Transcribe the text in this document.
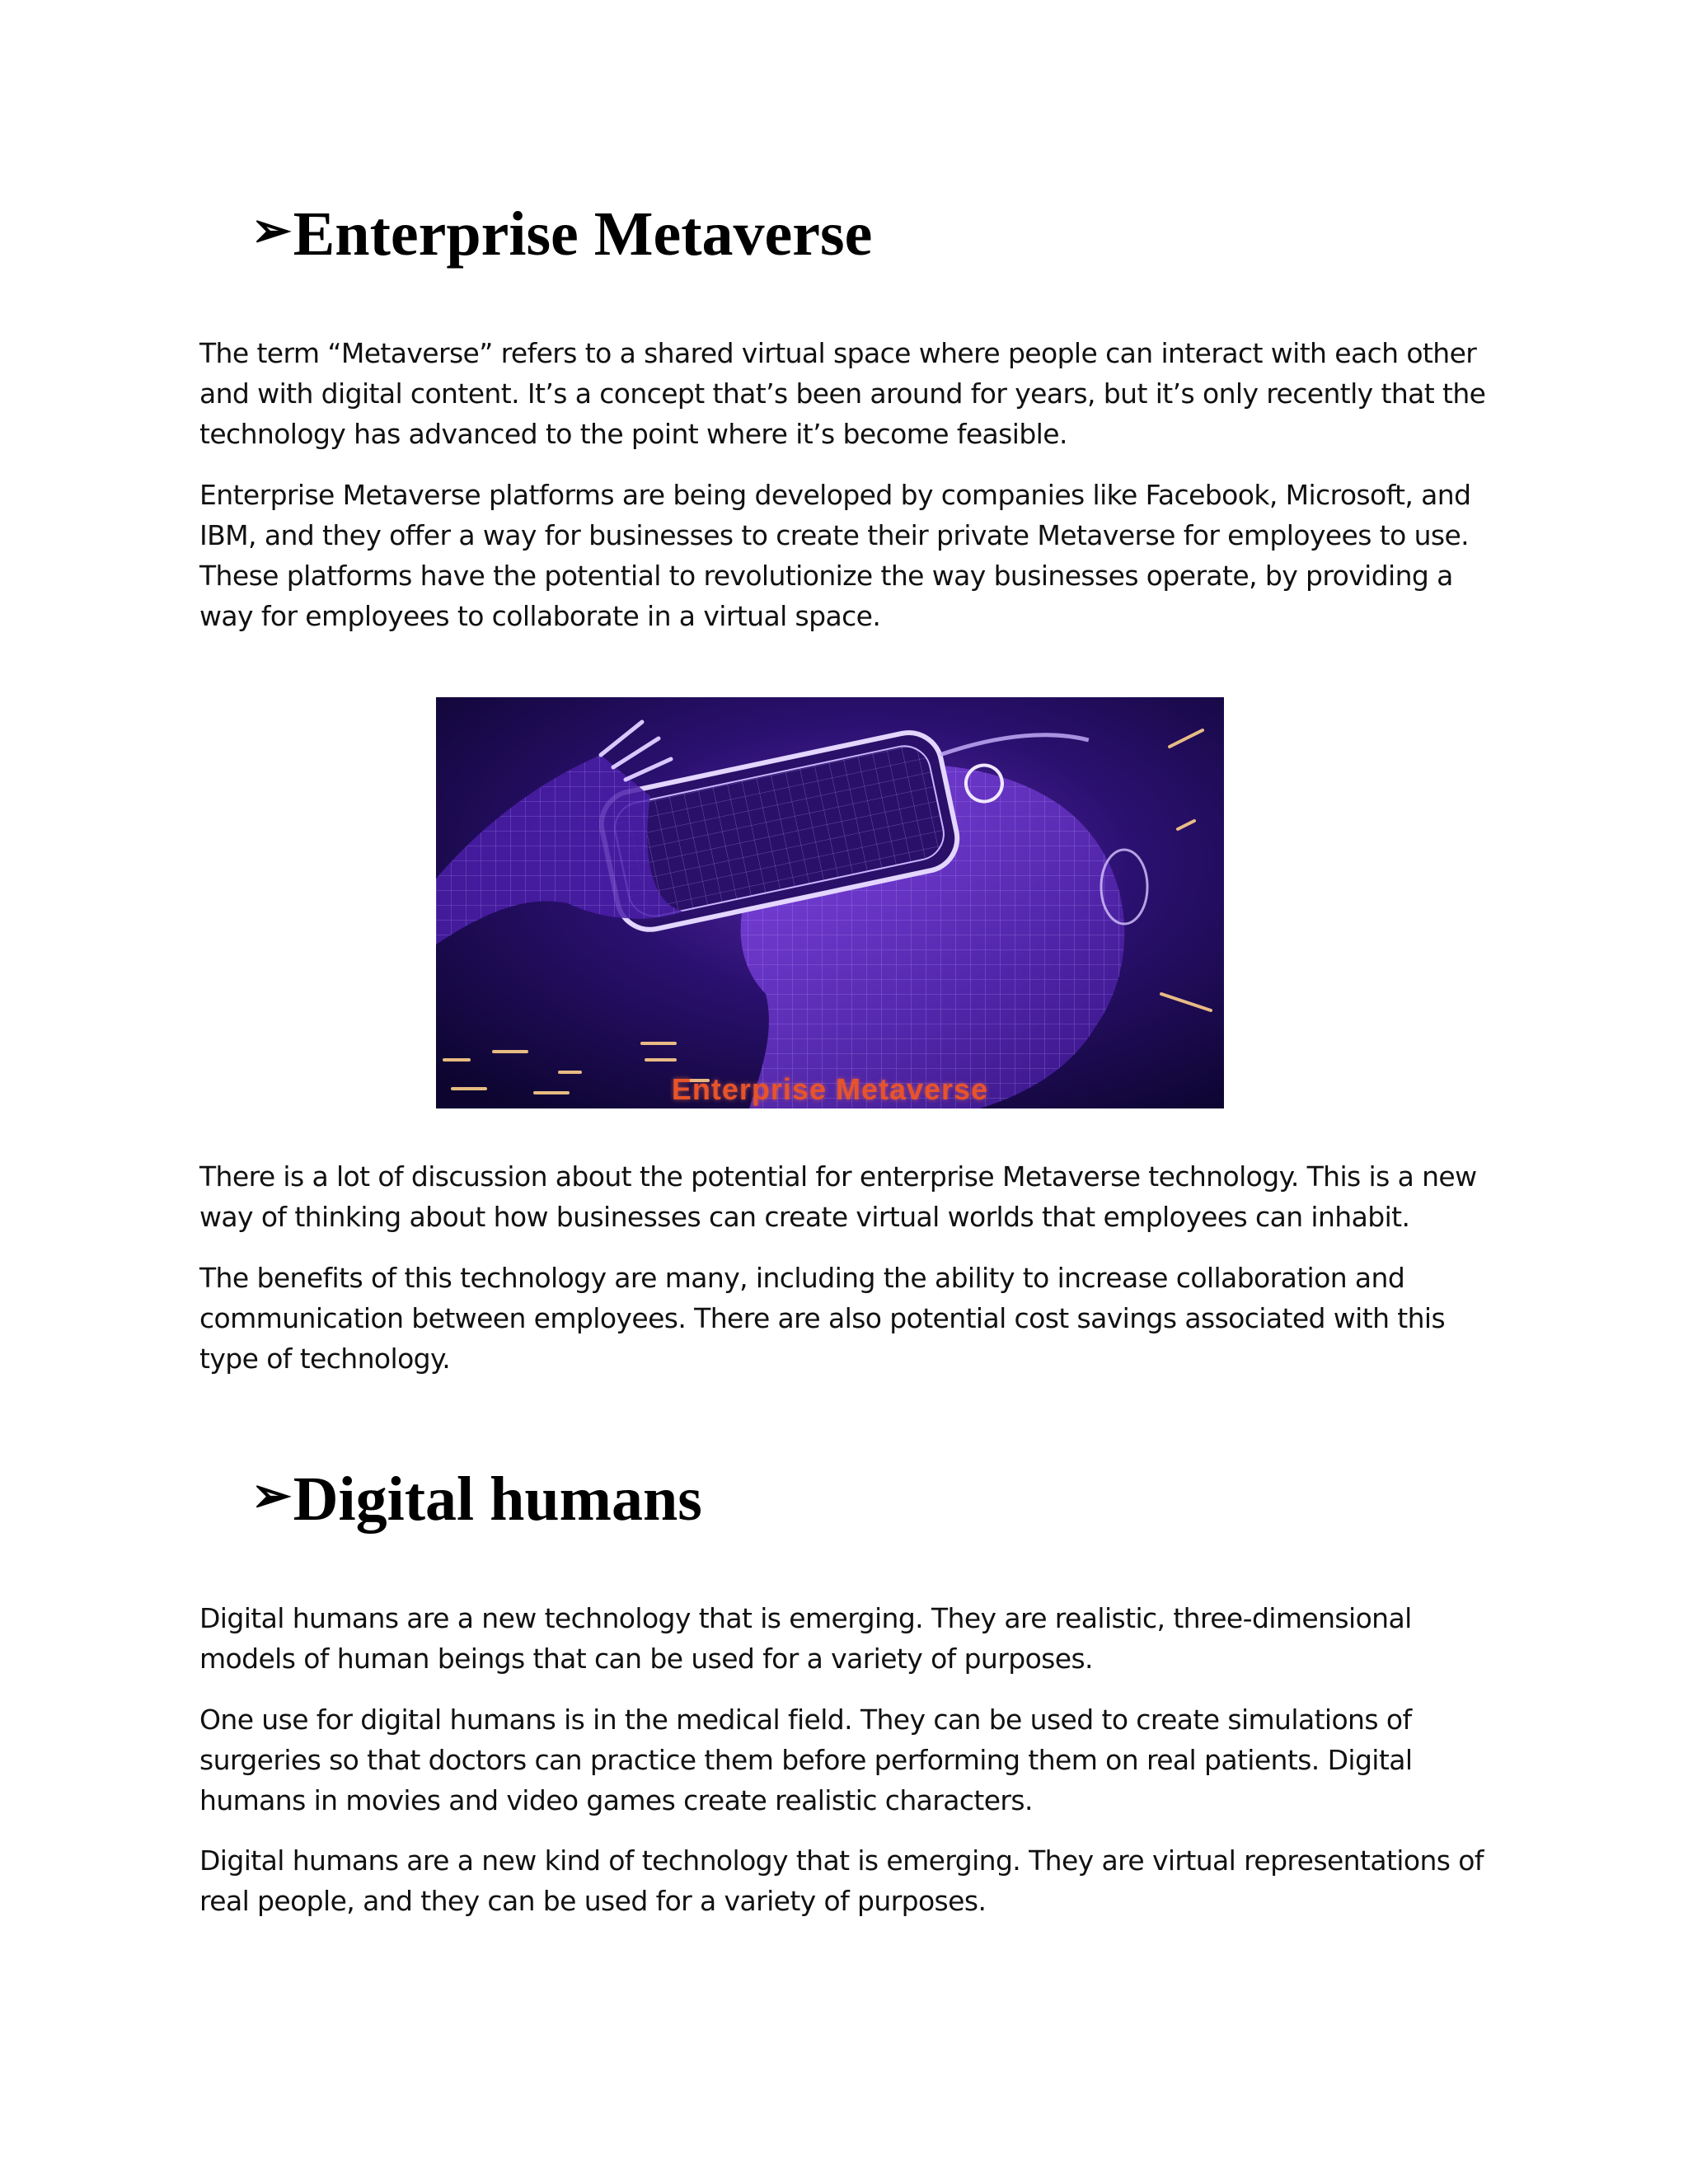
➢ Enterprise Metaverse

The term “Metaverse” refers to a shared virtual space where people can interact with each other and with digital content. It’s a concept that’s been around for years, but it’s only recently that the technology has advanced to the point where it’s become feasible.

Enterprise Metaverse platforms are being developed by companies like Facebook, Microsoft, and IBM, and they offer a way for businesses to create their private Metaverse for employees to use. These platforms have the potential to revolutionize the way businesses operate, by providing a way for employees to collaborate in a virtual space.

Enterprise Metaverse

There is a lot of discussion about the potential for enterprise Metaverse technology. This is a new way of thinking about how businesses can create virtual worlds that employees can inhabit.

The benefits of this technology are many, including the ability to increase collaboration and communication between employees. There are also potential cost savings associated with this type of technology.

➢ Digital humans

Digital humans are a new technology that is emerging. They are realistic, three-dimensional models of human beings that can be used for a variety of purposes.

One use for digital humans is in the medical field. They can be used to create simulations of surgeries so that doctors can practice them before performing them on real patients. Digital humans in movies and video games create realistic characters.

Digital humans are a new kind of technology that is emerging. They are virtual representations of real people, and they can be used for a variety of purposes.
